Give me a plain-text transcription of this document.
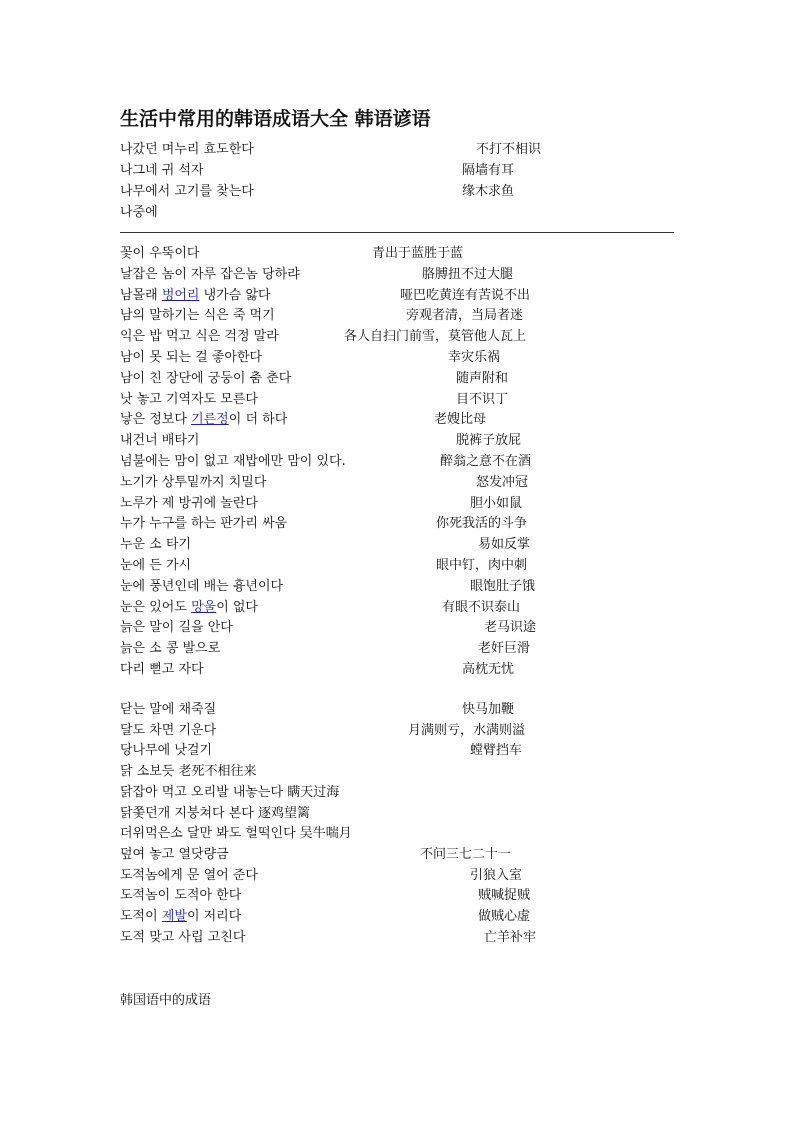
生活中常用的韩语成语大全 韩语谚语
나갔던 며누리 효도한다	不打不相识
나그네 귀 석자	隔墙有耳
나무에서 고기를 찾는다	缘木求鱼
나중에
꽃이 우뚝이다	青出于蓝胜于蓝
날잡은 놈이 자루 잡은놈 당하랴	胳膊扭不过大腿
남몰래 벙어리 냉가슴 앓다	哑巴吃黄连有苦说不出
남의 말하기는 식은 죽 먹기	旁观者清，当局者迷
익은 밥 먹고 식은 걱정 말라	各人自扫门前雪，莫管他人瓦上
남이 못 되는 걸 좋아한다	幸灾乐祸
남이 친 장단에 궁둥이 춤 춘다	随声附和
낫 놓고 기역자도 모른다	目不识丁
낳은 정보다 기른정이 더 하다	老嫂比母
내건너 배타기	脱裤子放屁
넘불에는 맘이 없고 재밥에만 맘이 있다.	醉翁之意不在酒
노기가 상투밑까지 치밀다	怒发冲冠
노루가 제 방귀에 놀란다	胆小如鼠
누가 누구를 하는 판가리 싸움	你死我活的斗争
누운 소 타기	易如反掌
눈에 든 가시	眼中钉，肉中刺
눈에 풍년인데 배는 흉년이다	眼饱肚子饿
눈은 있어도 망울이 없다	有眼不识泰山
늙은 말이 길을 안다	老马识途
늙은 소 콩 발으로	老奸巨滑
다리 뻗고 자다	高枕无忧
닫는 말에 채죽질	快马加鞭
달도 차면 기운다	月满则亏，水满则溢
당나무에 낫걸기	螳臂挡车
닭 소보듯 老死不相往来
닭잡아 먹고 오리발 내놓는다 瞒天过海
닭쫓던개 지붕쳐다 본다 逐鸡望篱
더위먹은소 달만 봐도 헐떡인다 吴牛喘月
덮여 놓고 열닷량금	不问三七二十一
도적놈에게 문 열어 준다	引狼入室
도적놈이 도적아 한다	贼喊捉贼
도적이 제발이 저리다	做贼心虚
도적 맞고 사립 고친다	亡羊补牢
韩国语中的成语
